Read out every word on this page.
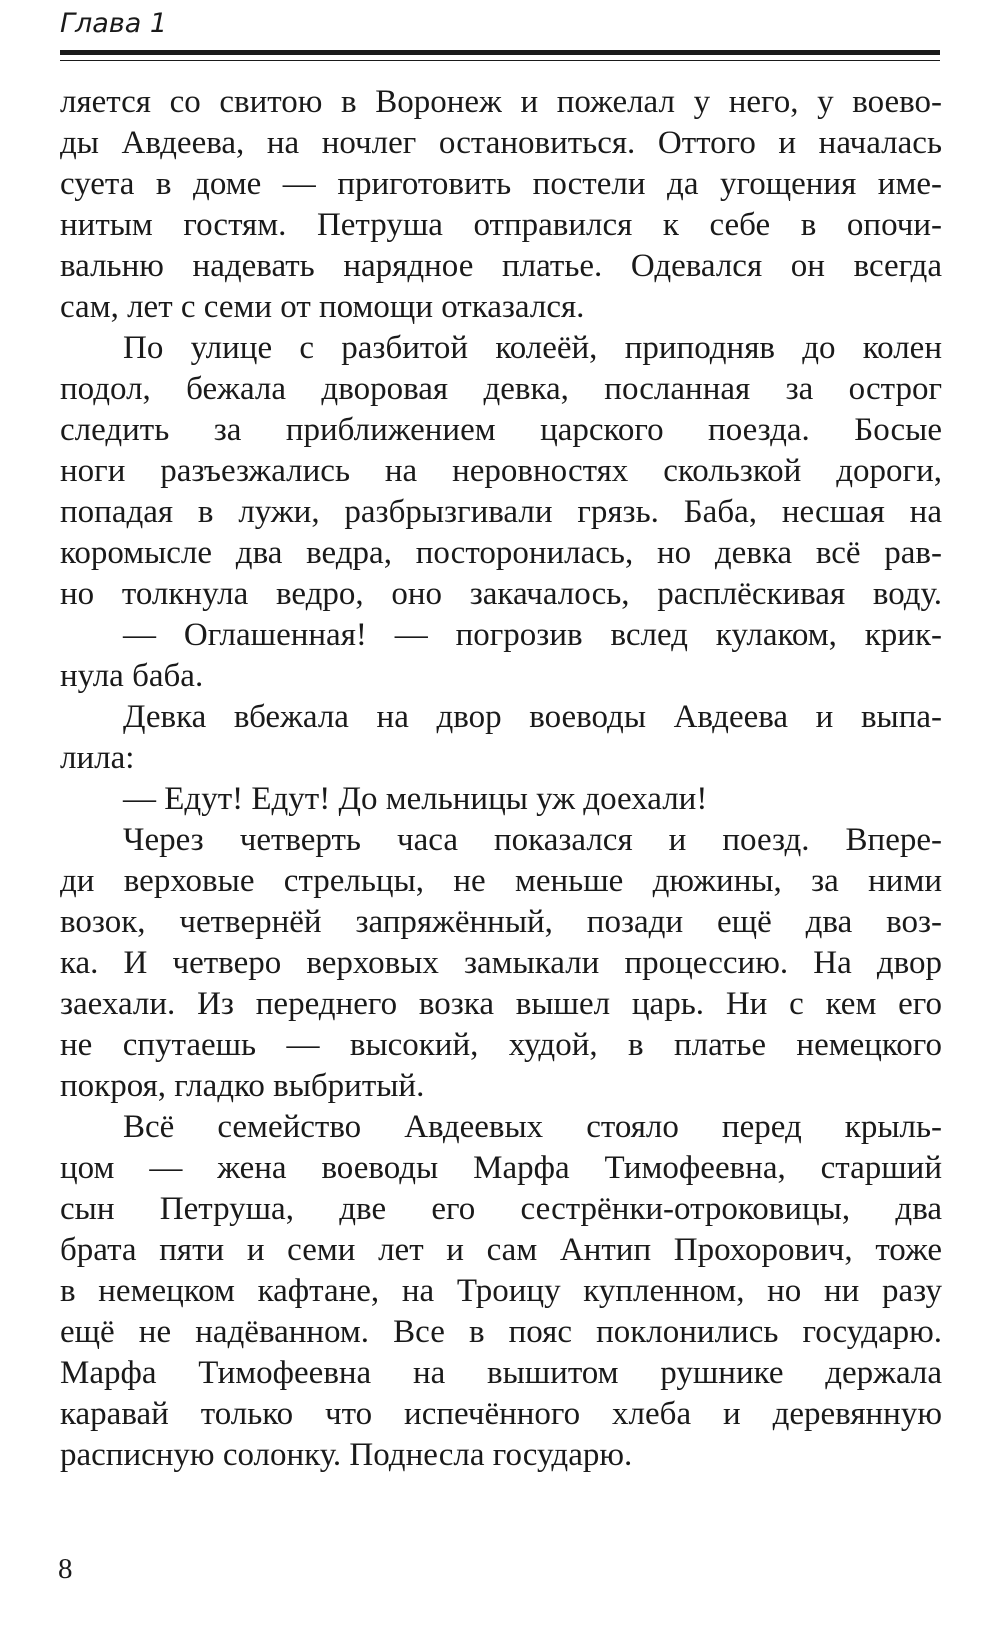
Глава 1
ляется со свитою в Воронеж и пожелал у него, у воево-
ды Авдеева, на ночлег остановиться. Оттого и началась
суета в доме — приготовить постели да угощения име-
нитым гостям. Петруша отправился к себе в опочи-
вальню надевать нарядное платье. Одевался он всегда
сам, лет с семи от помощи отказался.
По улице с разбитой колеёй, приподняв до колен
подол, бежала дворовая девка, посланная за острог
следить за приближением царского поезда. Босые
ноги разъезжались на неровностях скользкой дороги,
попадая в лужи, разбрызгивали грязь. Баба, несшая на
коромысле два ведра, посторонилась, но девка всё рав-
но толкнула ведро, оно закачалось, расплёскивая воду.
— Оглашенная! — погрозив вслед кулаком, крик-
нула баба.
Девка вбежала на двор воеводы Авдеева и выпа-
лила:
— Едут! Едут! До мельницы уж доехали!
Через четверть часа показался и поезд. Впере-
ди верховые стрельцы, не меньше дюжины, за ними
возок, четвернёй запряжённый, позади ещё два воз-
ка. И четверо верховых замыкали процессию. На двор
заехали. Из переднего возка вышел царь. Ни с кем его
не спутаешь — высокий, худой, в платье немецкого
покроя, гладко выбритый.
Всё семейство Авдеевых стояло перед крыль-
цом — жена воеводы Марфа Тимофеевна, старший
сын Петруша, две его сестрёнки-отроковицы, два
брата пяти и семи лет и сам Антип Прохорович, тоже
в немецком кафтане, на Троицу купленном, но ни разу
ещё не надёванном. Все в пояс поклонились государю.
Марфа Тимофеевна на вышитом рушнике держала
каравай только что испечённого хлеба и деревянную
расписную солонку. Поднесла государю.
8
